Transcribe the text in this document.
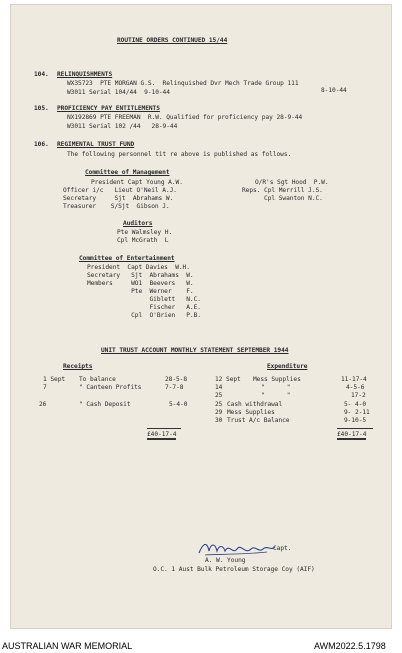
ROUTINE ORDERS CONTINUED 15/44
104. RELINQUISHMENTS
WX35723  PTE MORGAN G.S.  Relinquished Dvr Mech Trade Group 111
W3011 Serial 104/44  9-10-44	8-10-44
105. PROFICIENCY PAY ENTITLEMENTS
NX192869 PTE FREEMAN  R.W. Qualified for proficiency pay 28-9-44
W3011 Serial 102 /44   28-9-44
106. REGIMENTAL TRUST FUND
The following personnel tit re above is published as follows.
Committee of Management
President Capt Young A.W.
Officer i/c   Lieut O'Neil A.J.
Secretary     Sjt  Abrahams W.
Treasurer    S/Sjt  Gibson J.
O/R's Sgt Hood  P.W.
Reps. Cpl Merrill J.S.
Cpl Swanton N.C.
Auditors
Pte Walmsley H.
Cpl McGrath  L
Committee of Entertainment
President  Capt Davies  W.H.
Secretary   Sjt  Abrahams  W.
Members     WO1  Beevers   W.
Pte  Werner    F.
Giblett   N.C.
Fischer   A.E.
Cpl  O'Brien   P.B.
UNIT TRUST ACCOUNT MONTHLY STATEMENT SEPTEMBER 1944
Receipts	Expenditure
1 Sept To balance	28-5-8
7	" Canteen Profits	7-7-8
26	" Cash Deposit	5-4-0
12 Sept Mess Supplies	11-17-4
14	"      "	4-5-6
25	"      "	17-2
25 Cash withdrawal	5- 4-0
29 Mess Supplies	9- 2-11
30 Trust A/c Balance	9-10-5
£40-17-4	£40-17-4
Capt.
A. W. Young
O.C. 1 Aust Bulk Petroleum Storage Coy (AIF)
AUSTRALIAN WAR MEMORIAL	AWM2022.5.1798
